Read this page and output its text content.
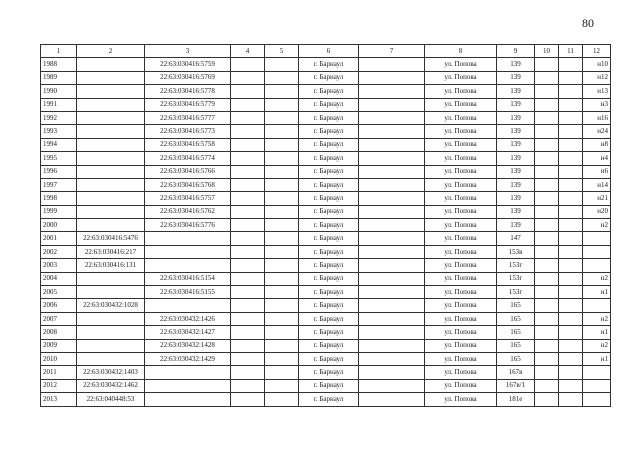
80
1	2	3	4	5	6	7	8	9	10	11	12
1988		22:63:030416:5759			г. Барнаул		ул. Попова	139			н10
1989		22:63:030416:5769			г. Барнаул		ул. Попова	139			н12
1990		22:63:030416:5778			г. Барнаул		ул. Попова	139			н13
1991		22:63:030416:5779			г. Барнаул		ул. Попова	139			н3
1992		22:63:030416:5777			г. Барнаул		ул. Попова	139			н16
1993		22:63:030416:5773			г. Барнаул		ул. Попова	139			н24
1994		22:63:030416:5758			г. Барнаул		ул. Попова	139			н8
1995		22:63:030416:5774			г. Барнаул		ул. Попова	139			н4
1996		22:63:030416:5766			г. Барнаул		ул. Попова	139			н6
1997		22:63:030416:5768			г. Барнаул		ул. Попова	139			н14
1998		22:63:030416:5757			г. Барнаул		ул. Попова	139			н21
1999		22:63:030416:5762			г. Барнаул		ул. Попова	139			н20
2000		22:63:030416:5776			г. Барнаул		ул. Попова	139			н2
2001	22:63:030416:5476				г. Барнаул		ул. Попова	147			
2002	22:63:030416:217				г. Барнаул		ул. Попова	153в			
2003	22:63:030416:131				г. Барнаул		ул. Попова	153г			
2004		22:63:030416:5154			г. Барнаул		ул. Попова	153г			н2
2005		22:63:030416:5155			г. Барнаул		ул. Попова	153г			н1
2006	22:63:030432:1028				г. Барнаул		ул. Попова	165			
2007		22:63:030432:1426			г. Барнаул		ул. Попова	165			н2
2008		22:63:030432:1427			г. Барнаул		ул. Попова	165			н1
2009		22:63:030432:1428			г. Барнаул		ул. Попова	165			н2
2010		22:63:030432:1429			г. Барнаул		ул. Попова	165			н1
2011	22:63:030432:1403				г. Барнаул		ул. Попова	167в			
2012	22:63:030432:1462				г. Барнаул		ул. Попова	167в/1			
2013	22:63:040448:53				г. Барнаул		ул. Попова	181е			
